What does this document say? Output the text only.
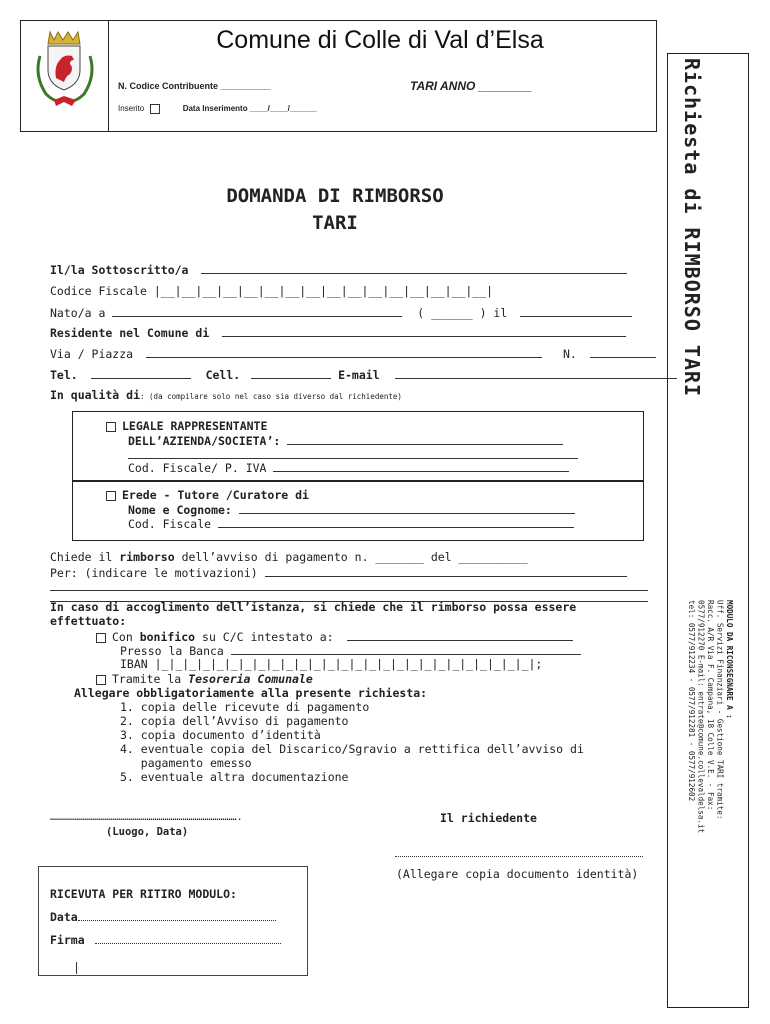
Comune di Colle di Val d’Elsa
N. Codice Contribuente __________	TARI ANNO ________
Inserito	Data Inserimento ____/____/______	Richiesta di RIMBORSO TARI
MODULO DA RICONSEGNARE A :
Uff. Servizi Finanziari - Gestione TARI tramite:
Racc. A/R Via F. Campana, 18 Colle V.E. - Fax:
0577/912270 E-mail: entrate@comune.collevaldelsa.it
tel: 0577/912234 - 0577/912281 - 0577/912602
DOMANDA DI RIMBORSO
TARI
Il/la Sottoscritto/a
Codice Fiscale |__|__|__|__|__|__|__|__|__|__|__|__|__|__|__|__|
Nato/a a	( ______ ) il
Residente nel Comune di
Via / Piazza	N.
Tel.	Cell.	E-mail
In qualità di: (da compilare solo nel caso sia diverso dal richiedente)
LEGALE RAPPRESENTANTE
DELL’AZIENDA/SOCIETA’:
Cod. Fiscale/ P. IVA
Erede - Tutore /Curatore di
Nome e Cognome:
Cod. Fiscale
Chiede il rimborso dell’avviso di pagamento n. _______ del __________
Per: (indicare le motivazioni)
In caso di accoglimento dell’istanza, si chiede che il rimborso possa essere
effettuato:
Con bonifico su C/C intestato a:
Presso la Banca
IBAN |_|_|_|_|_|_|_|_|_|_|_|_|_|_|_|_|_|_|_|_|_|_|_|_|_|_|_|;
Tramite la Tesoreria Comunale
Allegare obbligatoriamente alla presente richiesta:
1. copia delle ricevute di pagamento
2. copia dell’Avviso di pagamento
3. copia documento d’identità
4. eventuale copia del Discarico/Sgravio a rettifica dell’avviso di
pagamento emesso
5. eventuale altra documentazione
………………………………………………………………………………….
(Luogo, Data)
Il richiedente
(Allegare copia documento identità)
RICEVUTA PER RITIRO MODULO:
Data
Firma
